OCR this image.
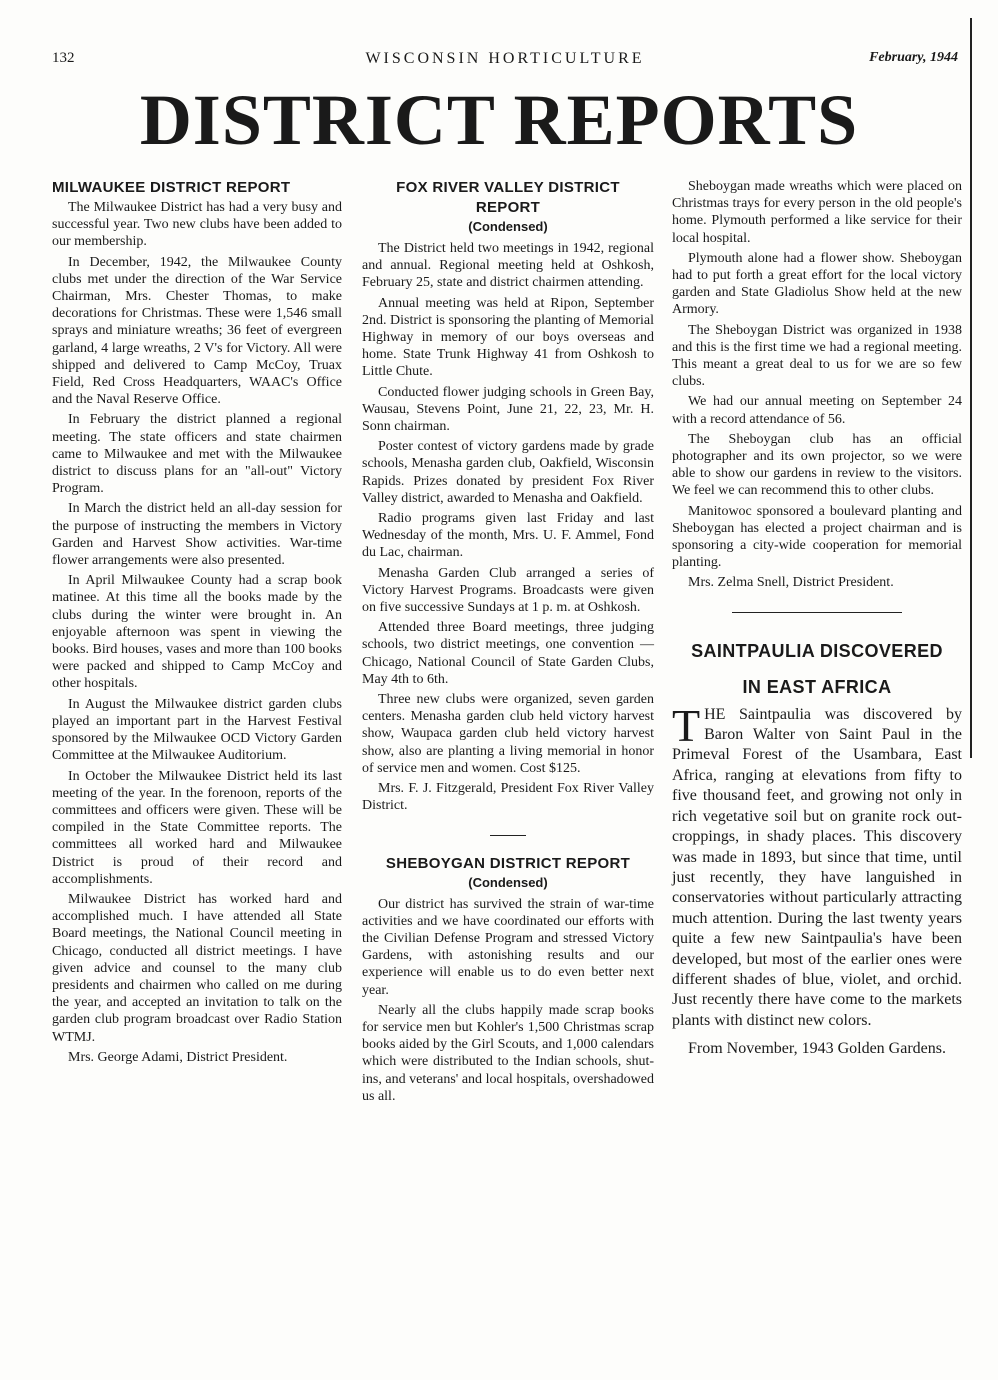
132	WISCONSIN HORTICULTURE	February, 1944
DISTRICT REPORTS
MILWAUKEE DISTRICT REPORT

The Milwaukee District has had a very busy and successful year. Two new clubs have been added to our membership.

In December, 1942, the Milwaukee County clubs met under the direction of the War Service Chairman, Mrs. Chester Thomas, to make decorations for Christmas. These were 1,546 small sprays and miniature wreaths; 36 feet of evergreen garland, 4 large wreaths, 2 V's for Victory. All were shipped and delivered to Camp McCoy, Truax Field, Red Cross Headquarters, WAAC's Office and the Naval Reserve Office.

In February the district planned a regional meeting. The state officers and state chairmen came to Milwaukee and met with the Milwaukee district to discuss plans for an "all-out" Victory Program.

In March the district held an all-day session for the purpose of instructing the members in Victory Garden and Harvest Show activities. War-time flower arrangements were also presented.

In April Milwaukee County had a scrap book matinee. At this time all the books made by the clubs during the winter were brought in. An enjoyable afternoon was spent in viewing the books. Bird houses, vases and more than 100 books were packed and shipped to Camp McCoy and other hospitals.

In August the Milwaukee district garden clubs played an important part in the Harvest Festival sponsored by the Milwaukee OCD Victory Garden Committee at the Milwaukee Auditorium.

In October the Milwaukee District held its last meeting of the year. In the forenoon, reports of the committees and officers were given. These will be compiled in the State Committee reports. The committees all worked hard and Milwaukee District is proud of their record and accomplishments.

Milwaukee District has worked hard and accomplished much. I have attended all State Board meetings, the National Council meeting in Chicago, conducted all district meetings. I have given advice and counsel to the many club presidents and chairmen who called on me during the year, and accepted an invitation to talk on the garden club program broadcast over Radio Station WTMJ.

Mrs. George Adami, District President.

FOX RIVER VALLEY DISTRICT REPORT
(Condensed)

The District held two meetings in 1942, regional and annual. Regional meeting held at Oshkosh, February 25, state and district chairmen attending.

Annual meeting was held at Ripon, September 2nd. District is sponsoring the planting of Memorial Highway in memory of our boys overseas and home. State Trunk Highway 41 from Oshkosh to Little Chute.

Conducted flower judging schools in Green Bay, Wausau, Stevens Point, June 21, 22, 23, Mr. H. Sonn chairman.

Poster contest of victory gardens made by grade schools, Menasha garden club, Oakfield, Wisconsin Rapids. Prizes donated by president Fox River Valley district, awarded to Menasha and Oakfield.

Radio programs given last Friday and last Wednesday of the month, Mrs. U. F. Ammel, Fond du Lac, chairman.

Menasha Garden Club arranged a series of Victory Harvest Programs. Broadcasts were given on five successive Sundays at 1 p. m. at Oshkosh.

Attended three Board meetings, three judging schools, two district meetings, one convention — Chicago, National Council of State Garden Clubs, May 4th to 6th.

Three new clubs were organized, seven garden centers. Menasha garden club held victory harvest show, Waupaca garden club held victory harvest show, also are planting a living memorial in honor of service men and women. Cost $125.

Mrs. F. J. Fitzgerald, President Fox River Valley District.

SHEBOYGAN DISTRICT REPORT
(Condensed)

Our district has survived the strain of war-time activities and we have coordinated our efforts with the Civilian Defense Program and stressed Victory Gardens, with astonishing results and our experience will enable us to do even better next year.

Nearly all the clubs happily made scrap books for service men but Kohler's 1,500 Christmas scrap books aided by the Girl Scouts, and 1,000 calendars which were distributed to the Indian schools, shut-ins, and veterans' and local hospitals, overshadowed us all.

Sheboygan made wreaths which were placed on Christmas trays for every person in the old people's home. Plymouth performed a like service for their local hospital.

Plymouth alone had a flower show. Sheboygan had to put forth a great effort for the local victory garden and State Gladiolus Show held at the new Armory.

The Sheboygan District was organized in 1938 and this is the first time we had a regional meeting. This meant a great deal to us for we are so few clubs.

We had our annual meeting on September 24 with a record attendance of 56.

The Sheboygan club has an official photographer and its own projector, so we were able to show our gardens in review to the visitors. We feel we can recommend this to other clubs.

Manitowoc sponsored a boulevard planting and Sheboygan has elected a project chairman and is sponsoring a city-wide cooperation for memorial planting.

Mrs. Zelma Snell, District President.

SAINTPAULIA DISCOVERED
IN EAST AFRICA
T HE Saintpaulia was discovered by Baron Walter von Saint Paul in the Primeval Forest of the Usambara, East Africa, ranging at elevations from fifty to five thousand feet, and growing not only in rich vegetative soil but on granite rock out-croppings, in shady places. This discovery was made in 1893, but since that time, until just recently, they have languished in conservatories without particularly attracting much attention. During the last twenty years quite a few new Saintpaulia's have been developed, but most of the earlier ones were different shades of blue, violet, and orchid. Just recently there have come to the markets plants with distinct new colors.

From November, 1943 Golden Gardens.
